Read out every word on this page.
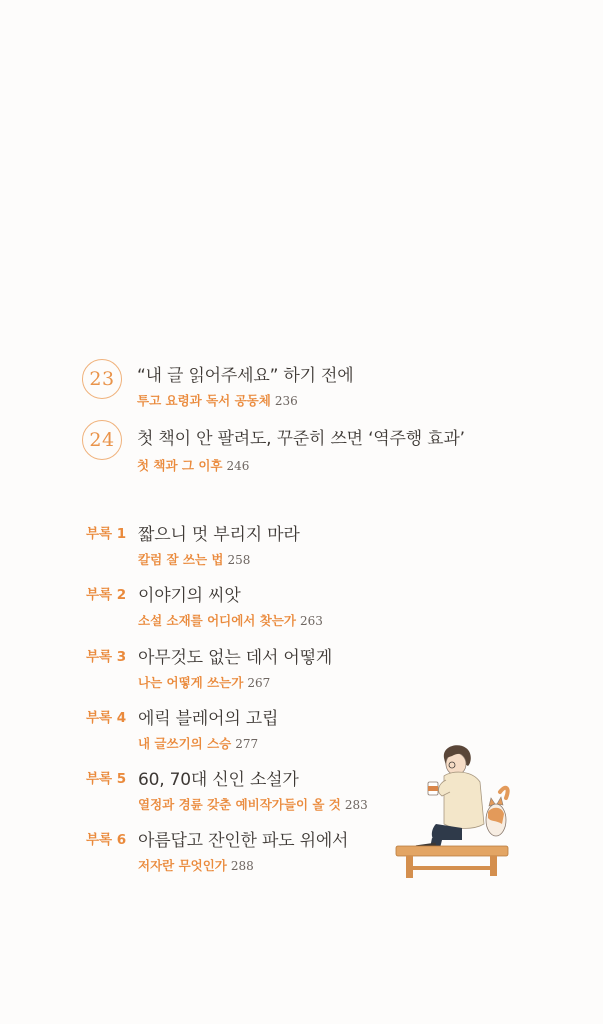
23	“내 글 읽어주세요” 하기 전에
투고 요령과 독서 공동체 236
24	첫 책이 안 팔려도, 꾸준히 쓰면 ‘역주행 효과’
첫 책과 그 이후 246
부록 1 짧으니 멋 부리지 마라
칼럼 잘 쓰는 법 258
부록 2 이야기의 씨앗
소설 소재를 어디에서 찾는가 263
부록 3 아무것도 없는 데서 어떻게
나는 어떻게 쓰는가 267
부록 4 에릭 블레어의 고립
내 글쓰기의 스승 277
부록 5 60, 70대 신인 소설가
열정과 경륜 갖춘 예비작가들이 올 것 283
부록 6 아름답고 잔인한 파도 위에서
저자란 무엇인가 288
